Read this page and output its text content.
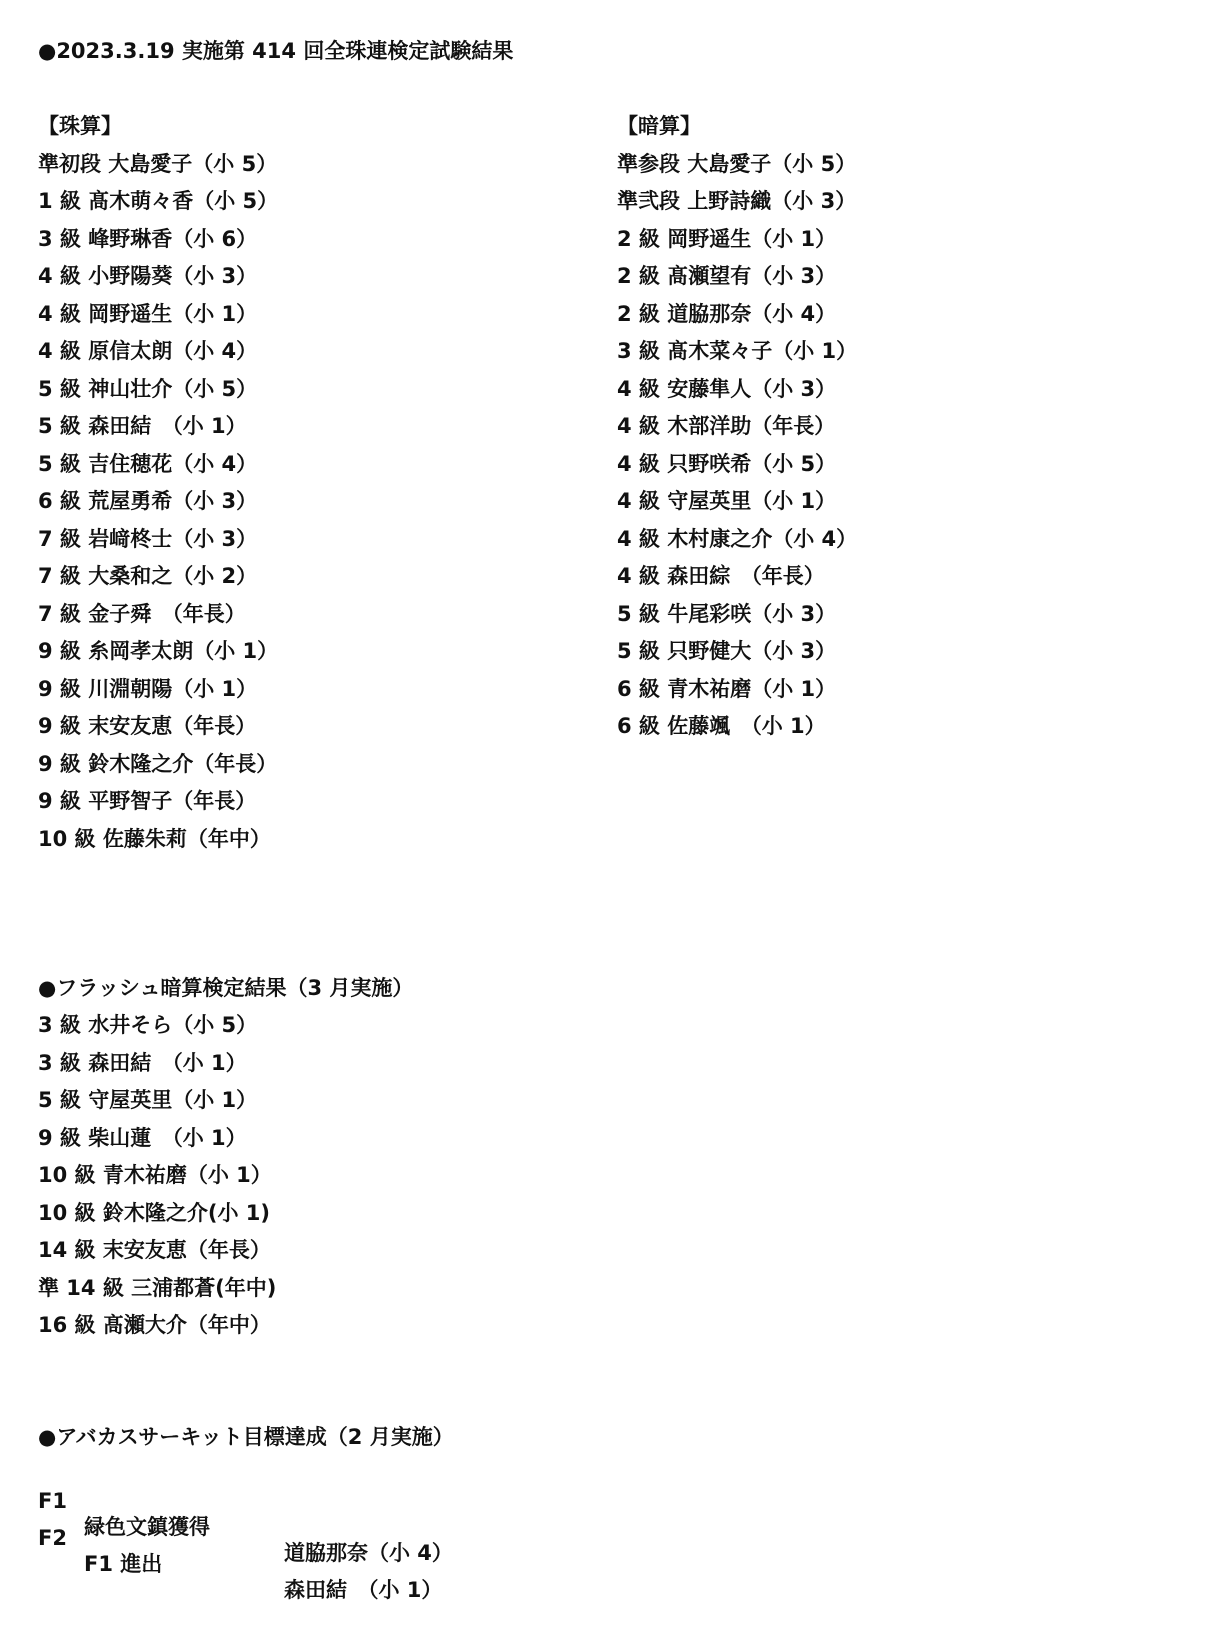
●2023.3.19 実施第 414 回全珠連検定試験結果
【珠算】
準初段 大島愛子（小 5）
1 級 髙木萌々香（小 5）
3 級 峰野琳香（小 6）
4 級 小野陽葵（小 3）
4 級 岡野遥生（小 1）
4 級 原信太朗（小 4）
5 級 神山壮介（小 5）
5 級 森田結　（小 1）
5 級 吉住穂花（小 4）
6 級 荒屋勇希（小 3）
7 級 岩﨑柊士（小 3）
7 級 大桑和之（小 2）
7 級 金子舜　（年長）
9 級 糸岡孝太朗（小 1）
9 級 川淵朝陽（小 1）
9 級 末安友恵（年長）
9 級 鈴木隆之介（年長）
9 級 平野智子（年長）
10 級 佐藤朱莉（年中）
【暗算】
準参段 大島愛子（小 5）
準弐段 上野詩織（小 3）
2 級 岡野遥生（小 1）
2 級 髙瀬望有（小 3）
2 級 道脇那奈（小 4）
3 級 髙木菜々子（小 1）
4 級 安藤隼人（小 3）
4 級 木部洋助（年長）
4 級 只野咲希（小 5）
4 級 守屋英里（小 1）
4 級 木村康之介（小 4）
4 級 森田綜　（年長）
5 級 牛尾彩咲（小 3）
5 級 只野健大（小 3）
6 級 青木祐磨（小 1）
6 級 佐藤颯　（小 1）
●フラッシュ暗算検定結果（3 月実施）
3 級 水井そら（小 5）
3 級 森田結　（小 1）
5 級 守屋英里（小 1）
9 級 柴山蓮　（小 1）
10 級 青木祐磨（小 1）
10 級 鈴木隆之介(小 1)
14 級 末安友恵（年長）
準 14 級 三浦都蒼(年中)
16 級 髙瀬大介（年中）
●アバカスサーキット目標達成（2 月実施）

F1

緑色文鎮獲得

道脇那奈（小 4）

F2

F1 進出

森田結　（小 1）
